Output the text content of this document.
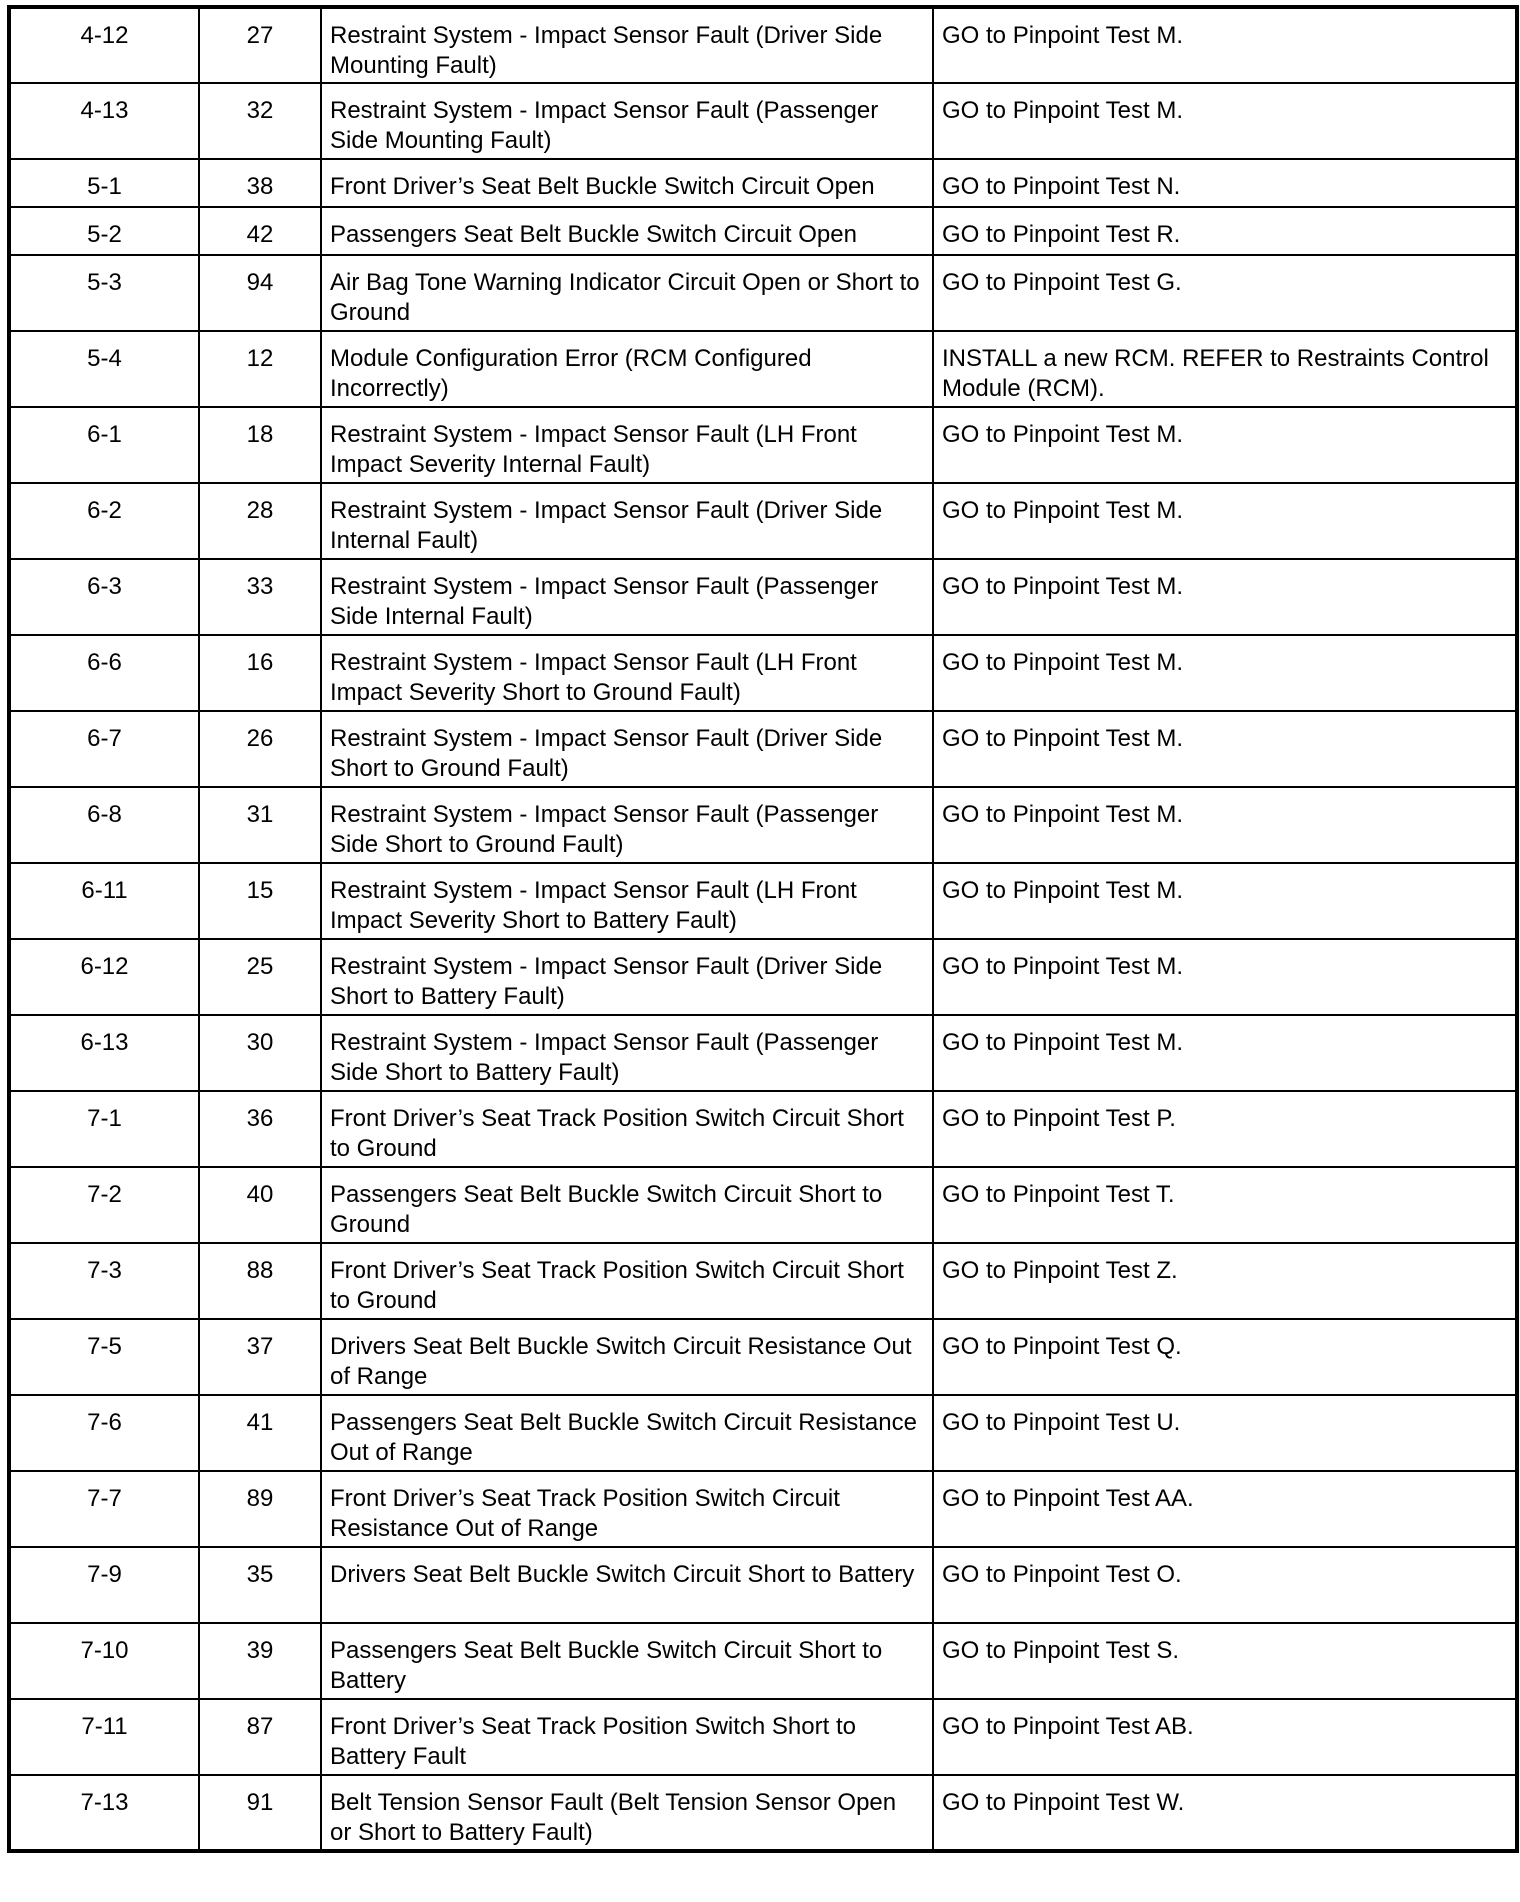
4-12	27	Restraint System - Impact Sensor Fault (Driver Side Mounting Fault)	GO to Pinpoint Test M.
4-13	32	Restraint System - Impact Sensor Fault (Passenger Side Mounting Fault)	GO to Pinpoint Test M.
5-1	38	Front Driver’s Seat Belt Buckle Switch Circuit Open	GO to Pinpoint Test N.
5-2	42	Passengers Seat Belt Buckle Switch Circuit Open	GO to Pinpoint Test R.
5-3	94	Air Bag Tone Warning Indicator Circuit Open or Short to Ground	GO to Pinpoint Test G.
5-4	12	Module Configuration Error (RCM Configured Incorrectly)	INSTALL a new RCM. REFER to Restraints Control Module (RCM).
6-1	18	Restraint System - Impact Sensor Fault (LH Front Impact Severity Internal Fault)	GO to Pinpoint Test M.
6-2	28	Restraint System - Impact Sensor Fault (Driver Side Internal Fault)	GO to Pinpoint Test M.
6-3	33	Restraint System - Impact Sensor Fault (Passenger Side Internal Fault)	GO to Pinpoint Test M.
6-6	16	Restraint System - Impact Sensor Fault (LH Front Impact Severity Short to Ground Fault)	GO to Pinpoint Test M.
6-7	26	Restraint System - Impact Sensor Fault (Driver Side Short to Ground Fault)	GO to Pinpoint Test M.
6-8	31	Restraint System - Impact Sensor Fault (Passenger Side Short to Ground Fault)	GO to Pinpoint Test M.
6-11	15	Restraint System - Impact Sensor Fault (LH Front Impact Severity Short to Battery Fault)	GO to Pinpoint Test M.
6-12	25	Restraint System - Impact Sensor Fault (Driver Side Short to Battery Fault)	GO to Pinpoint Test M.
6-13	30	Restraint System - Impact Sensor Fault (Passenger Side Short to Battery Fault)	GO to Pinpoint Test M.
7-1	36	Front Driver’s Seat Track Position Switch Circuit Short to Ground	GO to Pinpoint Test P.
7-2	40	Passengers Seat Belt Buckle Switch Circuit Short to Ground	GO to Pinpoint Test T.
7-3	88	Front Driver’s Seat Track Position Switch Circuit Short to Ground	GO to Pinpoint Test Z.
7-5	37	Drivers Seat Belt Buckle Switch Circuit Resistance Out of Range	GO to Pinpoint Test Q.
7-6	41	Passengers Seat Belt Buckle Switch Circuit Resistance Out of Range	GO to Pinpoint Test U.
7-7	89	Front Driver’s Seat Track Position Switch Circuit Resistance Out of Range	GO to Pinpoint Test AA.
7-9	35	Drivers Seat Belt Buckle Switch Circuit Short to Battery	GO to Pinpoint Test O.
7-10	39	Passengers Seat Belt Buckle Switch Circuit Short to Battery	GO to Pinpoint Test S.
7-11	87	Front Driver’s Seat Track Position Switch Short to Battery Fault	GO to Pinpoint Test AB.
7-13	91	Belt Tension Sensor Fault (Belt Tension Sensor Open or Short to Battery Fault)	GO to Pinpoint Test W.
